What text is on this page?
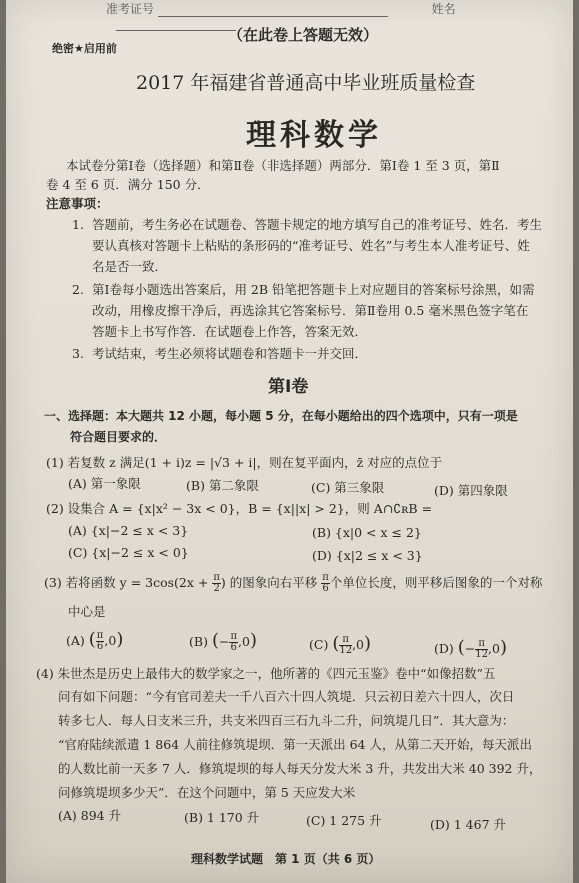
准考证号	姓名
（在此卷上答题无效）
绝密★启用前
2017 年福建省普通高中毕业班质量检查
理科数学
本试卷分第Ⅰ卷（选择题）和第Ⅱ卷（非选择题）两部分．第Ⅰ卷 1 至 3 页，第Ⅱ
卷 4 至 6 页．满分 150 分．
注意事项：
1. 答题前，考生务必在试题卷、答题卡规定的地方填写自己的准考证号、姓名．考生
要认真核对答题卡上粘贴的条形码的“准考证号、姓名”与考生本人准考证号、姓
名是否一致．
2. 第Ⅰ卷每小题选出答案后，用 2B 铅笔把答题卡上对应题目的答案标号涂黑，如需
改动，用橡皮擦干净后，再选涂其它答案标号．第Ⅱ卷用 0.5 毫米黑色签字笔在
答题卡上书写作答．在试题卷上作答，答案无效．
3. 考试结束，考生必须将试题卷和答题卡一并交回．
第Ⅰ卷
一、选择题：本大题共 12 小题，每小题 5 分，在每小题给出的四个选项中，只有一项是
符合题目要求的．
(1) 若复数 z 满足(1 + i)z = |√3 + i|，则在复平面内，z̄ 对应的点位于
(A) 第一象限	(B) 第二象限	(C) 第三象限	(D) 第四象限
(2) 设集合 A = {x|x² − 3x < 0}，B = {x||x| > 2}，则 A∩∁ʀB =
(A) {x|−2 ≤ x < 3}	(B) {x|0 < x ≤ 2}
(C) {x|−2 ≤ x < 0}	(D) {x|2 ≤ x < 3}
(3) 若将函数 $y = 3\cos(2x + \frac{\pi}{2}$ ) 的图象向右平移 $\frac{\pi}{6}$ 个单位长度，则平移后图象的一个对称
中心是
(A) ( $\frac{\pi}{6} ,0$)	(B) (− $\frac{\pi}{6} ,0$)	(C) ( $\frac{\pi}{12} ,0$)	(D) (− $\frac{\pi}{12} ,0$)
(4) 朱世杰是历史上最伟大的数学家之一，他所著的《四元玉鉴》卷中“如像招数”五
问有如下问题：“今有官司差夫一千八百六十四人筑堤．只云初日差六十四人，次日
转多七人．每人日支米三升，共支米四百三石九斗二升，问筑堤几日”．其大意为：
“官府陆续派遣 1 864 人前往修筑堤坝．第一天派出 64 人，从第二天开始，每天派出
的人数比前一天多 7 人．修筑堤坝的每人每天分发大米 3 升，共发出大米 40 392 升，
问修筑堤坝多少天”．在这个问题中，第 5 天应发大米
(A) 894 升	(B) 1 170 升	(C) 1 275 升	(D) 1 467 升
理科数学试题　第 1 页（共 6 页）
